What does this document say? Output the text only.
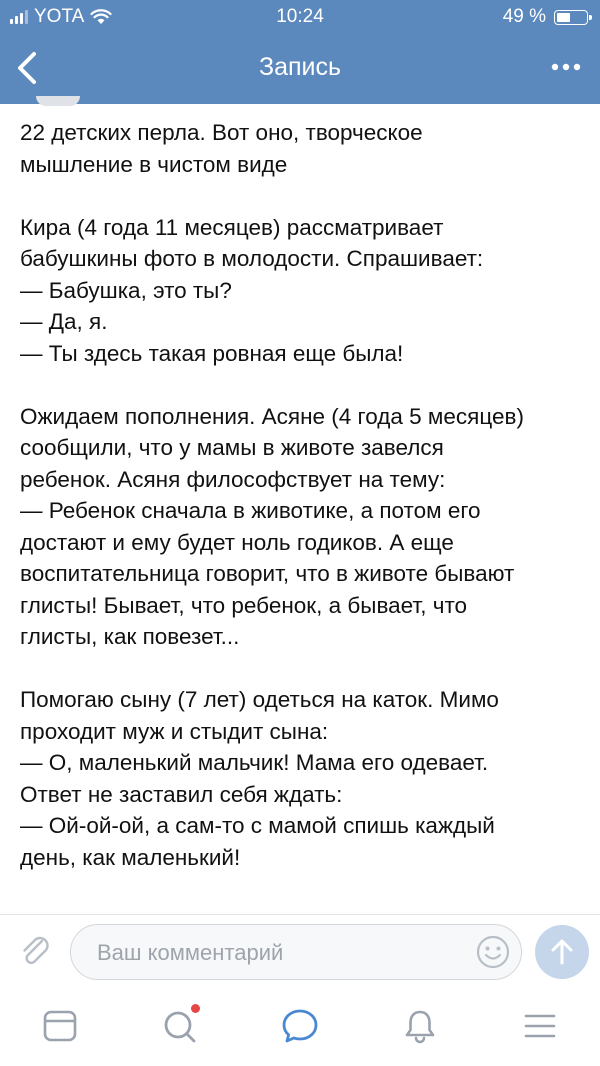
YOTA	10:24	49 %
Запись
22 детских перла. Вот оно, творческое
мышление в чистом виде
Кира (4 года 11 месяцев) рассматривает
бабушкины фото в молодости. Спрашивает:
— Бабушка, это ты?
— Да, я.
— Ты здесь такая ровная еще была!
Ожидаем пополнения. Асяне (4 года 5 месяцев)
сообщили, что у мамы в животе завелся
ребенок. Асяня философствует на тему:
— Ребенок сначала в животике, а потом его
достают и ему будет ноль годиков. А еще
воспитательница говорит, что в животе бывают
глисты! Бывает, что ребенок, а бывает, что
глисты, как повезет...
Помогаю сыну (7 лет) одеться на каток. Мимо
проходит муж и стыдит сына:
— О, маленький мальчик! Мама его одевает.
Ответ не заставил себя ждать:
— Ой-ой-ой, а сам-то с мамой спишь каждый
день, как маленький!
Ваш комментарий
